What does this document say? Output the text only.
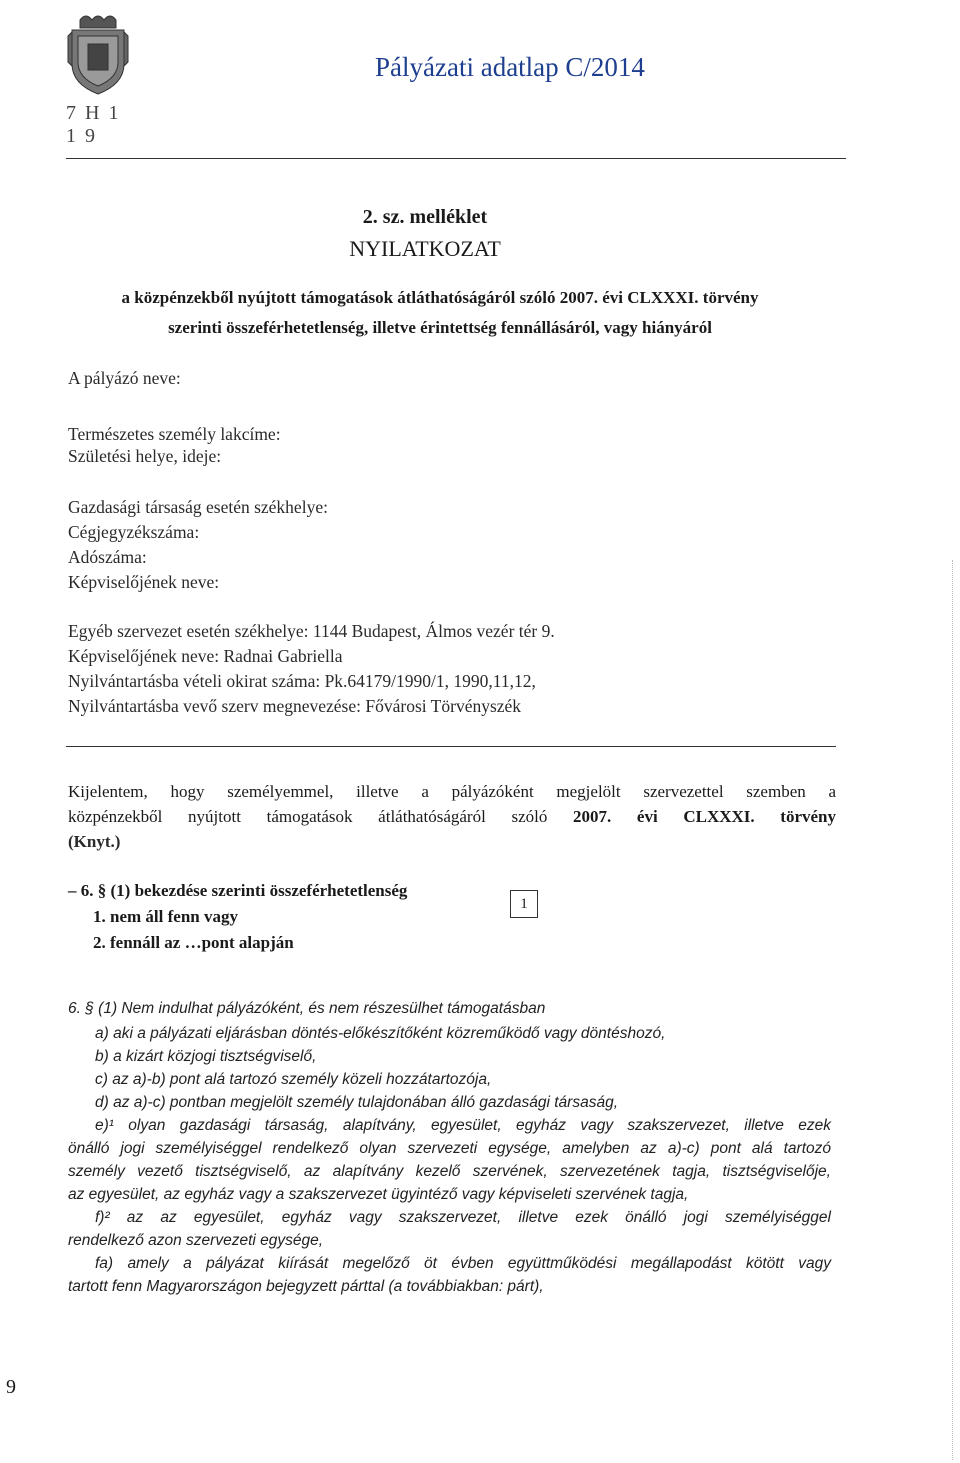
7 H 1 1 9
Pályázati adatlap C/2014
2. sz. melléklet
NYILATKOZAT
a közpénzekből nyújtott támogatások átláthatóságáról szóló 2007. évi CLXXXI. törvény
szerinti összeférhetetlenség, illetve érintettség fennállásáról, vagy hiányáról
A pályázó neve:
Természetes személy lakcíme:
Születési helye, ideje:
Gazdasági társaság esetén székhelye:
Cégjegyzékszáma:
Adószáma:
Képviselőjének neve:
Egyéb szervezet esetén székhelye: 1144 Budapest, Álmos vezér tér 9.
Képviselőjének neve: Radnai Gabriella
Nyilvántartásba vételi okirat száma: Pk.64179/1990/1, 1990,11,12,
Nyilvántartásba vevő szerv megnevezése: Fővárosi Törvényszék
Kijelentem, hogy személyemmel, illetve a pályázóként megjelölt szervezettel szemben a
közpénzekből nyújtott támogatások átláthatóságáról szóló 2007. évi CLXXXI. törvény
(Knyt.)
– 6. § (1) bekezdése szerinti összeférhetetlenség
1. nem áll fenn vagy
2. fennáll az …pont alapján
1
6. § (1) Nem indulhat pályázóként, és nem részesülhet támogatásban
a) aki a pályázati eljárásban döntés-előkészítőként közreműködő vagy döntéshozó,
b) a kizárt közjogi tisztségviselő,
c) az a)-b) pont alá tartozó személy közeli hozzátartozója,
d) az a)-c) pontban megjelölt személy tulajdonában álló gazdasági társaság,
e)¹ olyan gazdasági társaság, alapítvány, egyesület, egyház vagy szakszervezet, illetve ezek
önálló jogi személyiséggel rendelkező olyan szervezeti egysége, amelyben az a)-c) pont alá tartozó
személy vezető tisztségviselő, az alapítvány kezelő szervének, szervezetének tagja, tisztségviselője,
az egyesület, az egyház vagy a szakszervezet ügyintéző vagy képviseleti szervének tagja,
f)² az az egyesület, egyház vagy szakszervezet, illetve ezek önálló jogi személyiséggel
rendelkező azon szervezeti egysége,
fa) amely a pályázat kiírását megelőző öt évben együttműködési megállapodást kötött vagy
tartott fenn Magyarországon bejegyzett párttal (a továbbiakban: párt),
9
